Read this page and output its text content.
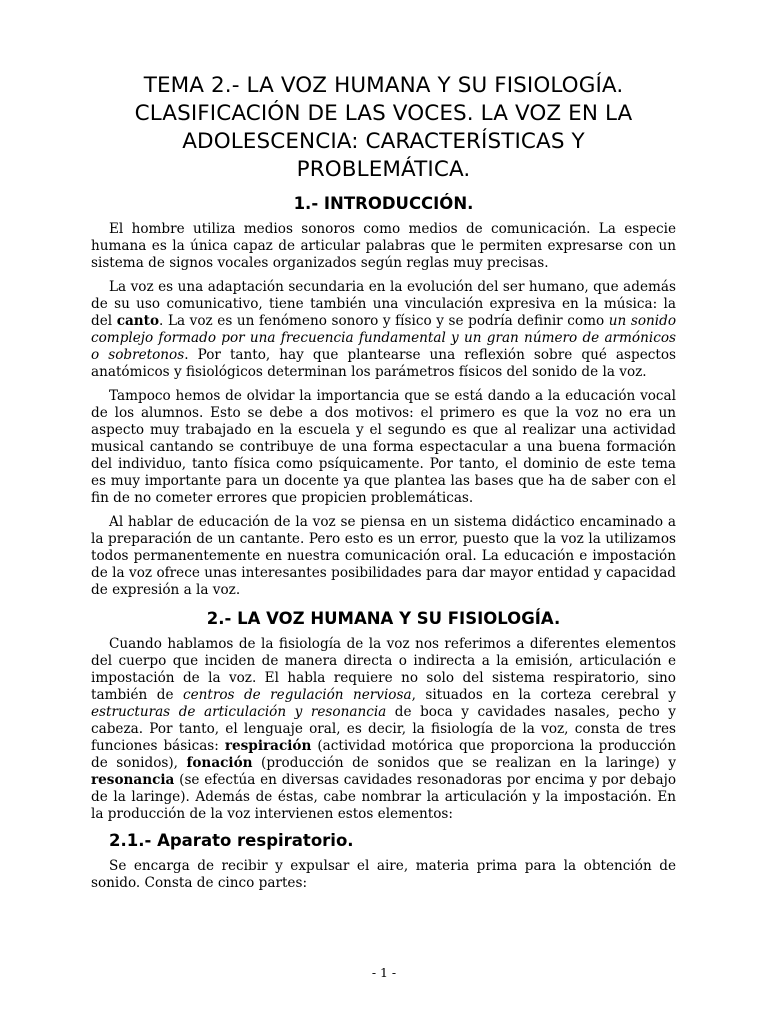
TEMA 2.- LA VOZ HUMANA Y SU FISIOLOGÍA.
CLASIFICACIÓN DE LAS VOCES. LA VOZ EN LA
ADOLESCENCIA: CARACTERÍSTICAS Y
PROBLEMÁTICA.
1.- INTRODUCCIÓN.

El hombre utiliza medios sonoros como medios de comunicación. La especie humana es la única capaz de articular palabras que le permiten expresarse con un sistema de signos vocales organizados según reglas muy precisas.

La voz es una adaptación secundaria en la evolución del ser humano, que además de su uso comunicativo, tiene también una vinculación expresiva en la música: la del canto. La voz es un fenómeno sonoro y físico y se podría definir como un sonido complejo formado por una frecuencia fundamental y un gran número de armónicos o sobretonos. Por tanto, hay que plantearse una reflexión sobre qué aspectos anatómicos y fisiológicos determinan los parámetros físicos del sonido de la voz.

Tampoco hemos de olvidar la importancia que se está dando a la educación vocal de los alumnos. Esto se debe a dos motivos: el primero es que la voz no era un aspecto muy trabajado en la escuela y el segundo es que al realizar una actividad musical cantando se contribuye de una forma espectacular a una buena formación del individuo, tanto física como psíquicamente. Por tanto, el dominio de este tema es muy importante para un docente ya que plantea las bases que ha de saber con el fin de no cometer errores que propicien problemáticas.

Al hablar de educación de la voz se piensa en un sistema didáctico encaminado a la preparación de un cantante. Pero esto es un error, puesto que la voz la utilizamos todos permanentemente en nuestra comunicación oral. La educación e impostación de la voz ofrece unas interesantes posibilidades para dar mayor entidad y capacidad de expresión a la voz.

2.- LA VOZ HUMANA Y SU FISIOLOGÍA.

Cuando hablamos de la fisiología de la voz nos referimos a diferentes elementos del cuerpo que inciden de manera directa o indirecta a la emisión, articulación e impostación de la voz. El habla requiere no solo del sistema respiratorio, sino también de centros de regulación nerviosa, situados en la corteza cerebral y estructuras de articulación y resonancia de boca y cavidades nasales, pecho y cabeza. Por tanto, el lenguaje oral, es decir, la fisiología de la voz, consta de tres funciones básicas: respiración (actividad motórica que proporciona la producción de sonidos), fonación (producción de sonidos que se realizan en la laringe) y resonancia (se efectúa en diversas cavidades resonadoras por encima y por debajo de la laringe). Además de éstas, cabe nombrar la articulación y la impostación. En la producción de la voz intervienen estos elementos:

2.1.- Aparato respiratorio.

Se encarga de recibir y expulsar el aire, materia prima para la obtención de sonido. Consta de cinco partes:

- 1 -
